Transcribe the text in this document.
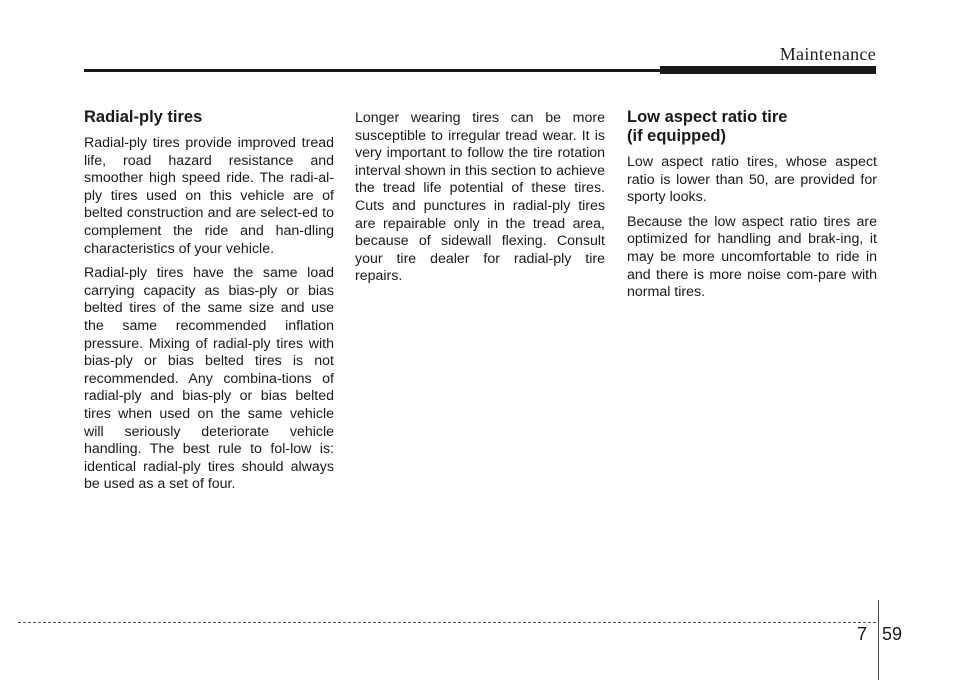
Maintenance
Radial-ply tires

Radial-ply tires provide improved tread life, road hazard resistance and smoother high speed ride. The radi-al-ply tires used on this vehicle are of belted construction and are select-ed to complement the ride and han-dling characteristics of your vehicle.

Radial-ply tires have the same load carrying capacity as bias-ply or bias belted tires of the same size and use the same recommended inflation pressure. Mixing of radial-ply tires with bias-ply or bias belted tires is not recommended. Any combina-tions of radial-ply and bias-ply or bias belted tires when used on the same vehicle will seriously deteriorate vehicle handling. The best rule to fol-low is: identical radial-ply tires should always be used as a set of four.

Longer wearing tires can be more susceptible to irregular tread wear. It is very important to follow the tire rotation interval shown in this section to achieve the tread life potential of these tires. Cuts and punctures in radial-ply tires are repairable only in the tread area, because of sidewall flexing. Consult your tire dealer for radial-ply tire repairs.

Low aspect ratio tire
(if equipped)

Low aspect ratio tires, whose aspect ratio is lower than 50, are provided for sporty looks.

Because the low aspect ratio tires are optimized for handling and brak-ing, it may be more uncomfortable to ride in and there is more noise com-pare with normal tires.

7 59
